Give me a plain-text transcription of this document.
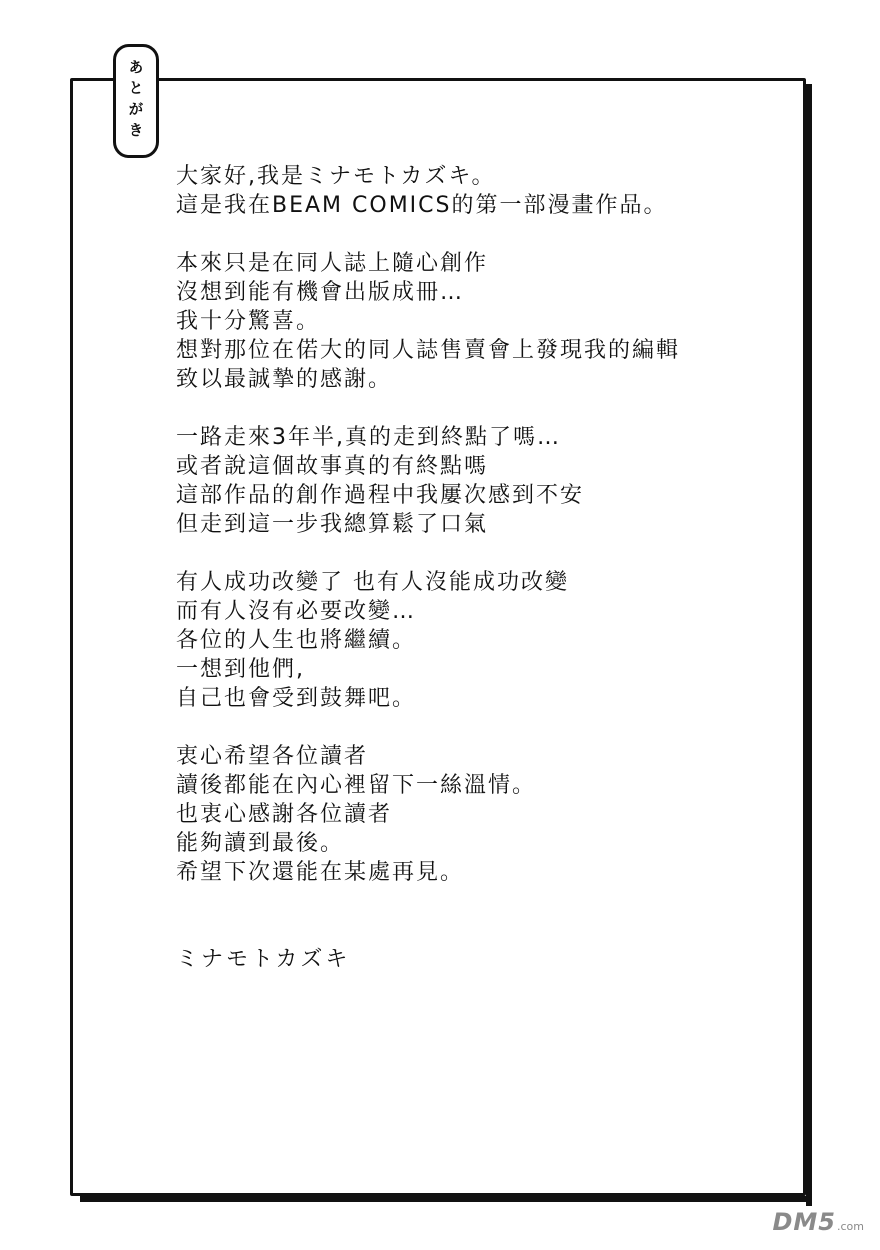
あとがき
大家好,我是ミナモトカズキ。
這是我在BEAM COMICS的第一部漫畫作品。
本來只是在同人誌上隨心創作
沒想到能有機會出版成冊…
我十分驚喜。
想對那位在偌大的同人誌售賣會上發現我的編輯
致以最誠摯的感謝。
一路走來3年半,真的走到終點了嗎…
或者說這個故事真的有終點嗎
這部作品的創作過程中我屢次感到不安
但走到這一步我總算鬆了口氣
有人成功改變了 也有人沒能成功改變
而有人沒有必要改變…
各位的人生也將繼續。
一想到他們,
自己也會受到鼓舞吧。
衷心希望各位讀者
讀後都能在內心裡留下一絲溫情。
也衷心感謝各位讀者
能夠讀到最後。
希望下次還能在某處再見。
ミナモトカズキ
DM5 .com
